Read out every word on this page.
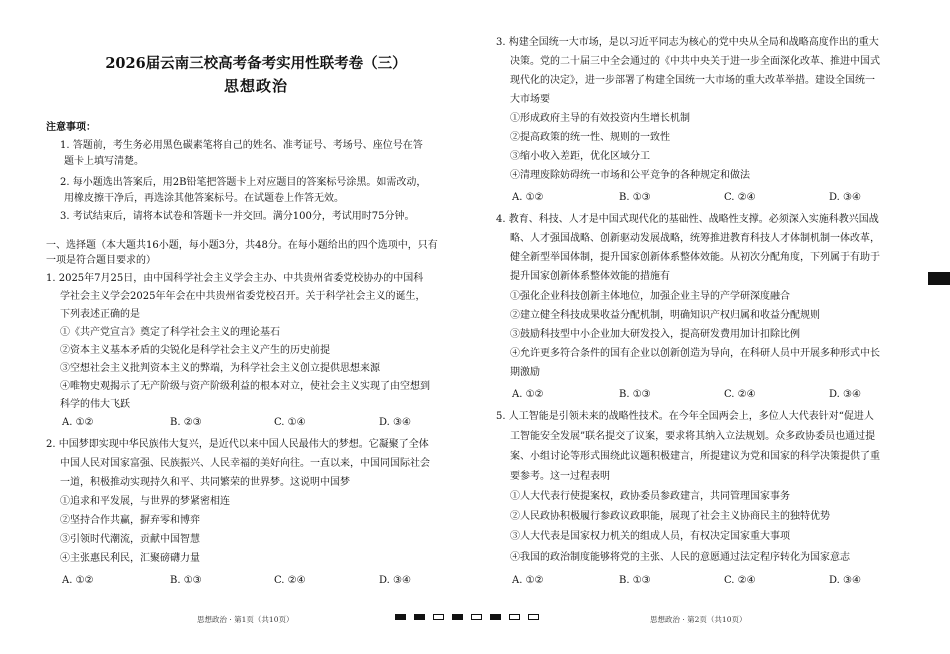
2026届云南三校高考备考实用性联考卷（三）
思想政治
注意事项：
1. 答题前，考生务必用黑色碳素笔将自己的姓名、准考证号、考场号、座位号在答
题卡上填写清楚。
2. 每小题选出答案后，用2B铅笔把答题卡上对应题目的答案标号涂黑。如需改动，
用橡皮擦干净后，再选涂其他答案标号。在试题卷上作答无效。
3. 考试结束后，请将本试卷和答题卡一并交回。满分100分，考试用时75分钟。
一、选择题（本大题共16小题，每小题3分，共48分。在每小题给出的四个选项中，只有
一项是符合题目要求的）
1. 2025年7月25日，由中国科学社会主义学会主办、中共贵州省委党校协办的中国科
学社会主义学会2025年年会在中共贵州省委党校召开。关于科学社会主义的诞生，
下列表述正确的是
①《共产党宣言》奠定了科学社会主义的理论基石
②资本主义基本矛盾的尖锐化是科学社会主义产生的历史前提
③空想社会主义批判资本主义的弊端，为科学社会主义创立提供思想来源
④唯物史观揭示了无产阶级与资产阶级利益的根本对立，使社会主义实现了由空想到
科学的伟大飞跃
A. ①②	B. ②③	C. ①④	D. ③④
2. 中国梦即实现中华民族伟大复兴，是近代以来中国人民最伟大的梦想。它凝聚了全体
中国人民对国家富强、民族振兴、人民幸福的美好向往。一直以来，中国同国际社会
一道，积极推动实现持久和平、共同繁荣的世界梦。这说明中国梦
①追求和平发展，与世界的梦紧密相连
②坚持合作共赢，摒弃零和博弈
③引领时代潮流，贡献中国智慧
④主张惠民利民，汇聚磅礴力量
A. ①②	B. ①③	C. ②④	D. ③④
思想政治 · 第1页（共10页）
3. 构建全国统一大市场，是以习近平同志为核心的党中央从全局和战略高度作出的重大
决策。党的二十届三中全会通过的《中共中央关于进一步全面深化改革、推进中国式
现代化的决定》，进一步部署了构建全国统一大市场的重大改革举措。建设全国统一
大市场要
①形成政府主导的有效投资内生增长机制
②提高政策的统一性、规则的一致性
③缩小收入差距，优化区域分工
④清理废除妨碍统一市场和公平竞争的各种规定和做法
A. ①②	B. ①③	C. ②④	D. ③④
4. 教育、科技、人才是中国式现代化的基础性、战略性支撑。必须深入实施科教兴国战
略、人才强国战略、创新驱动发展战略，统筹推进教育科技人才体制机制一体改革，
健全新型举国体制，提升国家创新体系整体效能。从初次分配角度，下列属于有助于
提升国家创新体系整体效能的措施有
①强化企业科技创新主体地位，加强企业主导的产学研深度融合
②建立健全科技成果收益分配机制，明确知识产权归属和收益分配规则
③鼓励科技型中小企业加大研发投入，提高研发费用加计扣除比例
④允许更多符合条件的国有企业以创新创造为导向，在科研人员中开展多种形式中长
期激励
A. ①②	B. ①③	C. ②④	D. ③④
5. 人工智能是引领未来的战略性技术。在今年全国两会上，多位人大代表针对“促进人
工智能安全发展”联名提交了议案，要求将其纳入立法规划。众多政协委员也通过提
案、小组讨论等形式围绕此议题积极建言，所提建议为党和国家的科学决策提供了重
要参考。这一过程表明
①人大代表行使提案权，政协委员参政建言，共同管理国家事务
②人民政协积极履行参政议政职能，展现了社会主义协商民主的独特优势
③人大代表是国家权力机关的组成人员，有权决定国家重大事项
④我国的政治制度能够将党的主张、人民的意愿通过法定程序转化为国家意志
A. ①②	B. ①③	C. ②④	D. ③④
思想政治 · 第2页（共10页）
